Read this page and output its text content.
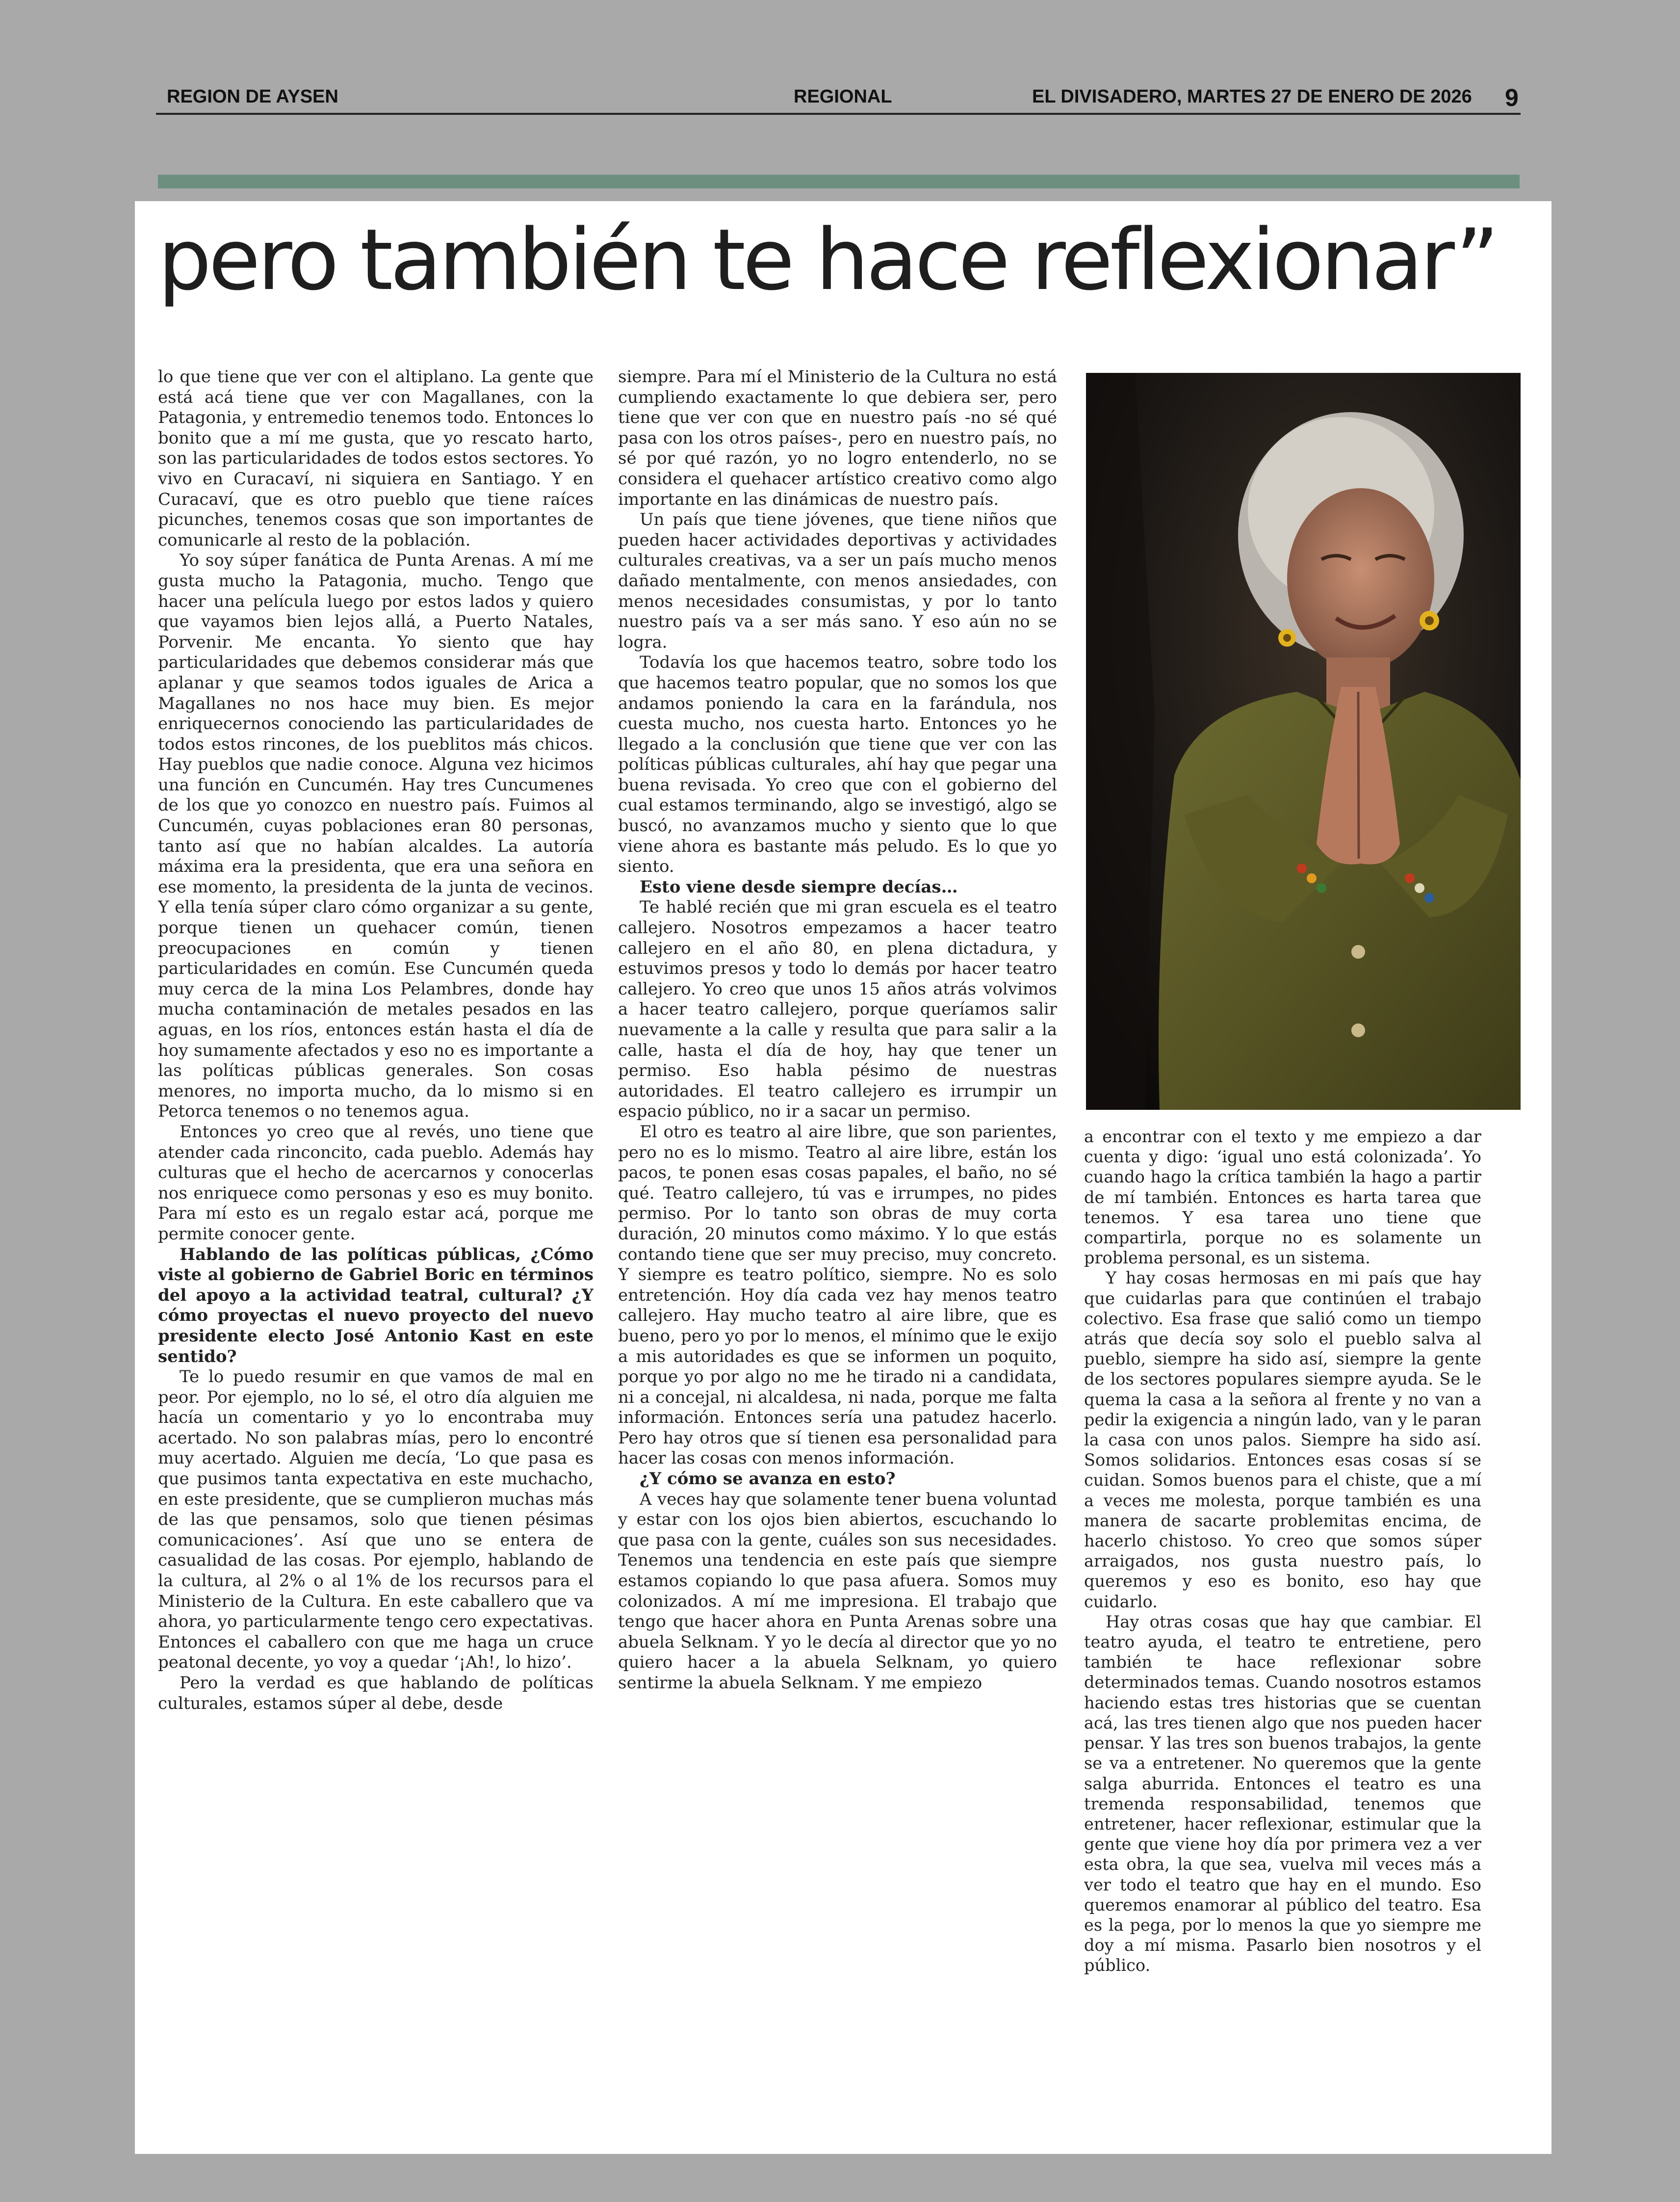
REGION DE AYSEN	REGIONAL	EL DIVISADERO, MARTES 27 DE ENERO DE 2026 9
pero también te hace reflexionar”

lo que tiene que ver con el altiplano. La gente que está acá tiene que ver con Magallanes, con la Patagonia, y entremedio tenemos todo. Entonces lo bonito que a mí me gusta, que yo rescato harto, son las particularidades de todos estos sectores. Yo vivo en Curacaví, ni siquiera en Santiago. Y en Curacaví, que es otro pueblo que tiene raíces picunches, tenemos cosas que son importantes de comunicarle al resto de la población.

Yo soy súper fanática de Punta Arenas. A mí me gusta mucho la Patagonia, mucho. Tengo que hacer una película luego por estos lados y quiero que vayamos bien lejos allá, a Puerto Natales, Porvenir. Me encanta. Yo siento que hay particularidades que debemos considerar más que aplanar y que seamos todos iguales de Arica a Magallanes no nos hace muy bien. Es mejor enriquecernos conociendo las particularidades de todos estos rincones, de los pueblitos más chicos. Hay pueblos que nadie conoce. Alguna vez hicimos una función en Cuncumén. Hay tres Cuncumenes de los que yo conozco en nuestro país. Fuimos al Cuncumén, cuyas poblaciones eran 80 personas, tanto así que no habían alcaldes. La autoría máxima era la presidenta, que era una señora en ese momento, la presidenta de la junta de vecinos. Y ella tenía súper claro cómo organizar a su gente, porque tienen un quehacer común, tienen preocupaciones en común y tienen particularidades en común. Ese Cuncumén queda muy cerca de la mina Los Pelambres, donde hay mucha contaminación de metales pesados en las aguas, en los ríos, entonces están hasta el día de hoy sumamente afectados y eso no es importante a las políticas públicas generales. Son cosas menores, no importa mucho, da lo mismo si en Petorca tenemos o no tenemos agua.

Entonces yo creo que al revés, uno tiene que atender cada rinconcito, cada pueblo. Además hay culturas que el hecho de acercarnos y conocerlas nos enriquece como personas y eso es muy bonito. Para mí esto es un regalo estar acá, porque me permite conocer gente.

Hablando de las políticas públicas, ¿Cómo viste al gobierno de Gabriel Boric en términos del apoyo a la actividad teatral, cultural? ¿Y cómo proyectas el nuevo proyecto del nuevo presidente electo José Antonio Kast en este sentido?

Te lo puedo resumir en que vamos de mal en peor. Por ejemplo, no lo sé, el otro día alguien me hacía un comentario y yo lo encontraba muy acertado. No son palabras mías, pero lo encontré muy acertado. Alguien me decía, ‘Lo que pasa es que pusimos tanta expectativa en este muchacho, en este presidente, que se cumplieron muchas más de las que pensamos, solo que tienen pésimas comunicaciones’. Así que uno se entera de casualidad de las cosas. Por ejemplo, hablando de la cultura, al 2% o al 1% de los recursos para el Ministerio de la Cultura. En este caballero que va ahora, yo particularmente tengo cero expectativas. Entonces el caballero con que me haga un cruce peatonal decente, yo voy a quedar ‘¡Ah!, lo hizo’.

Pero la verdad es que hablando de políticas culturales, estamos súper al debe, desde

siempre. Para mí el Ministerio de la Cultura no está cumpliendo exactamente lo que debiera ser, pero tiene que ver con que en nuestro país -no sé qué pasa con los otros países-, pero en nuestro país, no sé por qué razón, yo no logro entenderlo, no se considera el quehacer artístico creativo como algo importante en las dinámicas de nuestro país.

Un país que tiene jóvenes, que tiene niños que pueden hacer actividades deportivas y actividades culturales creativas, va a ser un país mucho menos dañado mentalmente, con menos ansiedades, con menos necesidades consumistas, y por lo tanto nuestro país va a ser más sano. Y eso aún no se logra.

Todavía los que hacemos teatro, sobre todo los que hacemos teatro popular, que no somos los que andamos poniendo la cara en la farándula, nos cuesta mucho, nos cuesta harto. Entonces yo he llegado a la conclusión que tiene que ver con las políticas públicas culturales, ahí hay que pegar una buena revisada. Yo creo que con el gobierno del cual estamos terminando, algo se investigó, algo se buscó, no avanzamos mucho y siento que lo que viene ahora es bastante más peludo. Es lo que yo siento.

Esto viene desde siempre decías…

Te hablé recién que mi gran escuela es el teatro callejero. Nosotros empezamos a hacer teatro callejero en el año 80, en plena dictadura, y estuvimos presos y todo lo demás por hacer teatro callejero. Yo creo que unos 15 años atrás volvimos a hacer teatro callejero, porque queríamos salir nuevamente a la calle y resulta que para salir a la calle, hasta el día de hoy, hay que tener un permiso. Eso habla pésimo de nuestras autoridades. El teatro callejero es irrumpir un espacio público, no ir a sacar un permiso.

El otro es teatro al aire libre, que son parientes, pero no es lo mismo. Teatro al aire libre, están los pacos, te ponen esas cosas papales, el baño, no sé qué. Teatro callejero, tú vas e irrumpes, no pides permiso. Por lo tanto son obras de muy corta duración, 20 minutos como máximo. Y lo que estás contando tiene que ser muy preciso, muy concreto. Y siempre es teatro político, siempre. No es solo entretención. Hoy día cada vez hay menos teatro callejero. Hay mucho teatro al aire libre, que es bueno, pero yo por lo menos, el mínimo que le exijo a mis autoridades es que se informen un poquito, porque yo por algo no me he tirado ni a candidata, ni a concejal, ni alcaldesa, ni nada, porque me falta información. Entonces sería una patudez hacerlo. Pero hay otros que sí tienen esa personalidad para hacer las cosas con menos información.

¿Y cómo se avanza en esto?

A veces hay que solamente tener buena voluntad y estar con los ojos bien abiertos, escuchando lo que pasa con la gente, cuáles son sus necesidades. Tenemos una tendencia en este país que siempre estamos copiando lo que pasa afuera. Somos muy colonizados. A mí me impresiona. El trabajo que tengo que hacer ahora en Punta Arenas sobre una abuela Selknam. Y yo le decía al director que yo no quiero hacer a la abuela Selknam, yo quiero sentirme la abuela Selknam. Y me empiezo

a encontrar con el texto y me empiezo a dar cuenta y digo: ‘igual uno está colonizada’. Yo cuando hago la crítica también la hago a partir de mí también. Entonces es harta tarea que tenemos. Y esa tarea uno tiene que compartirla, porque no es solamente un problema personal, es un sistema.

Y hay cosas hermosas en mi país que hay que cuidarlas para que continúen el trabajo colectivo. Esa frase que salió como un tiempo atrás que decía soy solo el pueblo salva al pueblo, siempre ha sido así, siempre la gente de los sectores populares siempre ayuda. Se le quema la casa a la señora al frente y no van a pedir la exigencia a ningún lado, van y le paran la casa con unos palos. Siempre ha sido así. Somos solidarios. Entonces esas cosas sí se cuidan. Somos buenos para el chiste, que a mí a veces me molesta, porque también es una manera de sacarte problemitas encima, de hacerlo chistoso. Yo creo que somos súper arraigados, nos gusta nuestro país, lo queremos y eso es bonito, eso hay que cuidarlo.

Hay otras cosas que hay que cambiar. El teatro ayuda, el teatro te entretiene, pero también te hace reflexionar sobre determinados temas. Cuando nosotros estamos haciendo estas tres historias que se cuentan acá, las tres tienen algo que nos pueden hacer pensar. Y las tres son buenos trabajos, la gente se va a entretener. No queremos que la gente salga aburrida. Entonces el teatro es una tremenda responsabilidad, tenemos que entretener, hacer reflexionar, estimular que la gente que viene hoy día por primera vez a ver esta obra, la que sea, vuelva mil veces más a ver todo el teatro que hay en el mundo. Eso queremos enamorar al público del teatro. Esa es la pega, por lo menos la que yo siempre me doy a mí misma. Pasarlo bien nosotros y el público.
